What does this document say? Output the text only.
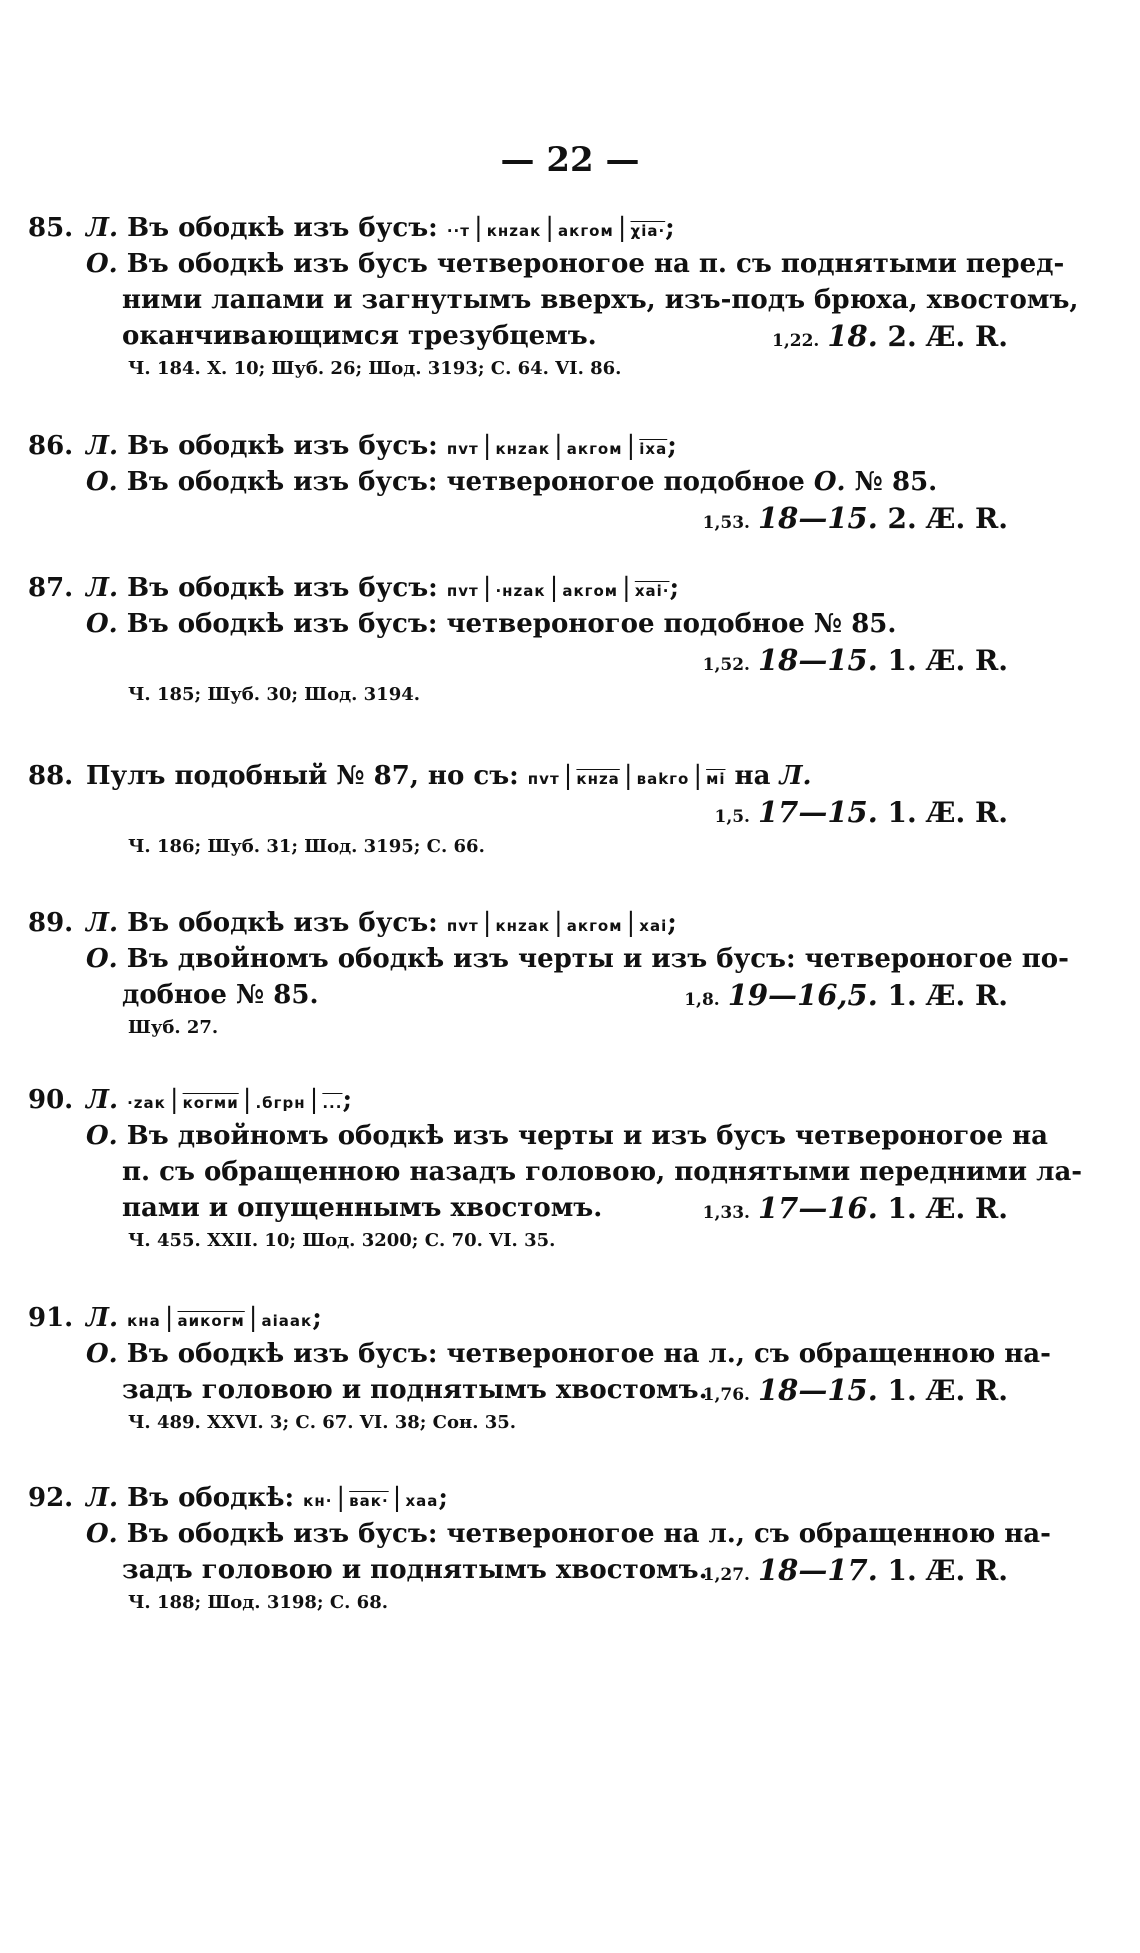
— 22 —
85. Л. Въ ободкѣ изъ бусъ: ··т | кнzак | акгом | χіа·;
О. Въ ободкѣ изъ бусъ четвероногое на п. съ поднятыми перед-
ними лапами и загнутымъ вверхъ, изъ-подъ брюха, хвостомъ,
оканчивающимся трезубцемъ.	1,22. 18. 2. Æ. R.
Ч. 184. X. 10; Шуб. 26; Шод. 3193; С. 64. VI. 86.
86. Л. Въ ободкѣ изъ бусъ: пvт | кнzак | акгом | іха;
О. Въ ободкѣ изъ бусъ: четвероногое подобное О. № 85.
1,53. 18—15. 2. Æ. R.
87. Л. Въ ободкѣ изъ бусъ: пvт | ·нzак | акгом | хаі·;
О. Въ ободкѣ изъ бусъ: четвероногое подобное № 85.
1,52. 18—15. 1. Æ. R.
Ч. 185; Шуб. 30; Шод. 3194.
88. Пулъ подобный № 87, но съ: пvт | кнzа | ваkго | мі на Л.
1,5. 17—15. 1. Æ. R.
Ч. 186; Шуб. 31; Шод. 3195; С. 66.
89. Л. Въ ободкѣ изъ бусъ: пvт | кнzак | акгом | хаі;
О. Въ двойномъ ободкѣ изъ черты и изъ бусъ: четвероногое по-
добное № 85.	1,8. 19—16,5. 1. Æ. R.
Шуб. 27.
90. Л. ·zак | когми | .бгрн | ...;
О. Въ двойномъ ободкѣ изъ черты и изъ бусъ четвероногое на
п. съ обращенною назадъ головою, поднятыми передними ла-
пами и опущеннымъ хвостомъ.	1,33. 17—16. 1. Æ. R.
Ч. 455. XXII. 10; Шод. 3200; С. 70. VI. 35.
91. Л. кна | аикогм | аіаак;
О. Въ ободкѣ изъ бусъ: четвероногое на л., съ обращенною на-
задъ головою и поднятымъ хвостомъ.
1,76. 18—15. 1. Æ. R.
Ч. 489. XXVI. 3; С. 67. VI. 38; Сон. 35.
92. Л. Въ ободкѣ: кн· | вак· | хаа;
О. Въ ободкѣ изъ бусъ: четвероногое на л., съ обращенною на-
задъ головою и поднятымъ хвостомъ.
1,27. 18—17. 1. Æ. R.
Ч. 188; Шод. 3198; С. 68.
